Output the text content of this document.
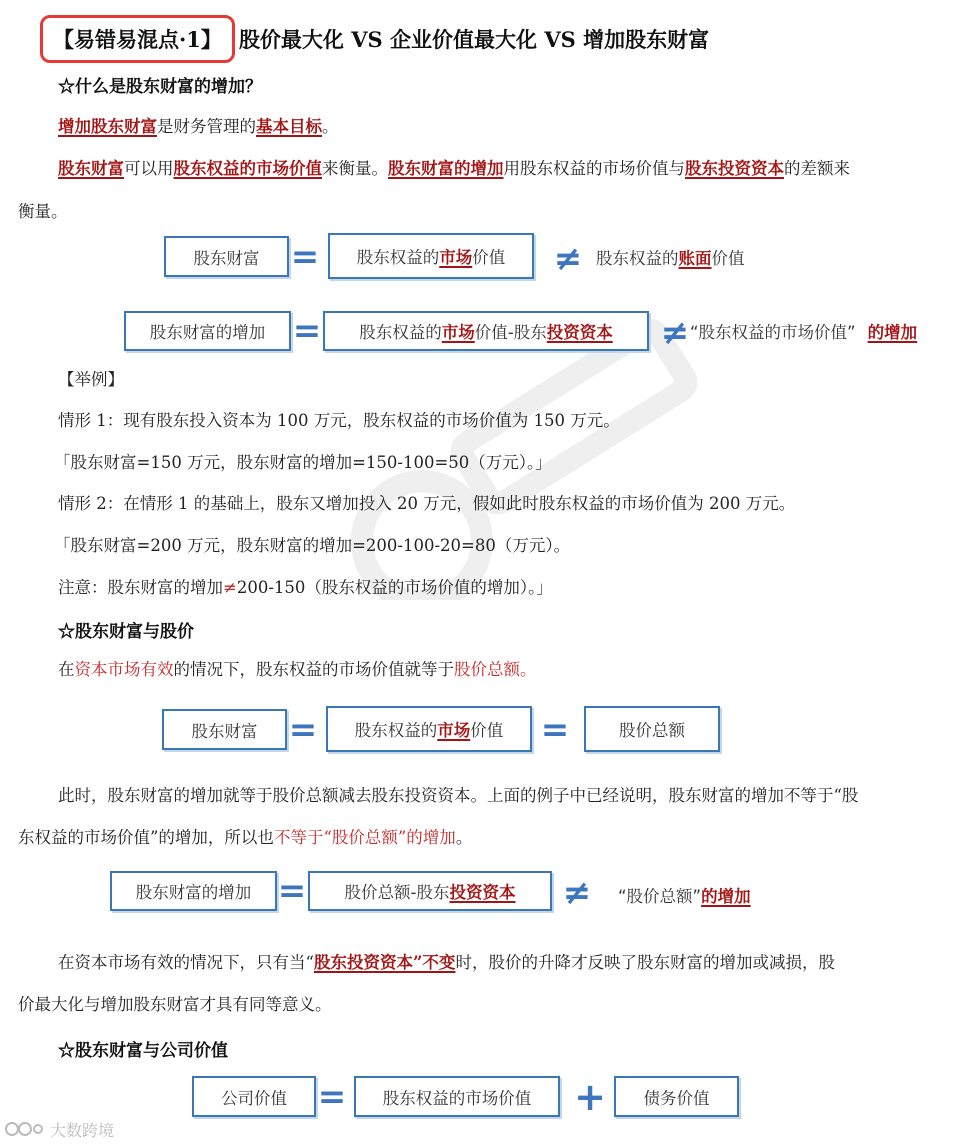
【易错易混点·1】 股价最大化 VS 企业价值最大化 VS 增加股东财富
☆什么是股东财富的增加？
增加股东财富是财务管理的基本目标。
股东财富可以用股东权益的市场价值来衡量。股东财富的增加用股东权益的市场价值与股东投资资本的差额来
衡量。
股东财富 = 股东权益的 市场 价值 ≠ 股东权益的 账面 价值
股东财富的增加 = 股东权益的 市场 价值-股东 投资资本 ≠ “股东权益的市场价值” 的增加
【举例】
情形 1：现有股东投入资本为 100 万元，股东权益的市场价值为 150 万元。
「股东财富=150 万元，股东财富的增加=150-100=50（万元）。」
情形 2：在情形 1 的基础上，股东又增加投入 20 万元，假如此时股东权益的市场价值为 200 万元。
「股东财富=200 万元，股东财富的增加=200-100-20=80（万元）。
注意：股东财富的增加≠200-150（股东权益的市场价值的增加）。」
☆股东财富与股价
在资本市场有效的情况下，股东权益的市场价值就等于股价总额。
股东财富 = 股东权益的 市场 价值 =	股价总额
此时，股东财富的增加就等于股价总额减去股东投资资本。上面的例子中已经说明，股东财富的增加不等于“股
东权益的市场价值”的增加，所以也不等于“股价总额”的增加。
股东财富的增加 = 股价总额-股东 投资资本 ≠ “股价总额” 的增加
在资本市场有效的情况下，只有当“股东投资资本”不变时，股价的升降才反映了股东财富的增加或减损，股
价最大化与增加股东财富才具有同等意义。
☆股东财富与公司价值
公司价值 =	股东权益的市场价值	+	债务价值
大数跨境
